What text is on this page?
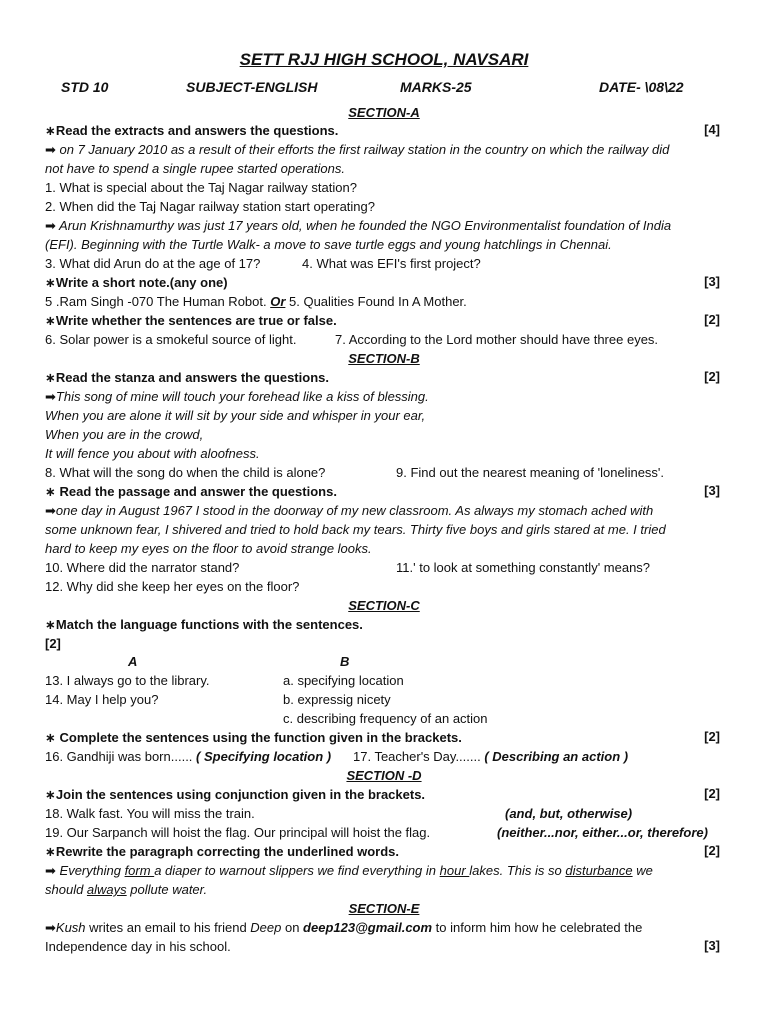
SETT RJJ HIGH SCHOOL, NAVSARI
STD 10	SUBJECT-ENGLISH	MARKS-25	DATE- \08\22
SECTION-A
∗Read the extracts and answers the questions.	[4]
➡ on 7 January 2010 as a result of their efforts the first railway station in the country on which the railway did
not have to spend a single rupee started operations.
1. What is special about the Taj Nagar railway station?
2. When did the Taj Nagar railway station start operating?
➡ Arun Krishnamurthy was just 17 years old, when he founded the NGO Environmentalist foundation of India
(EFI). Beginning with the Turtle Walk- a move to save turtle eggs and young hatchlings in Chennai.
3. What did Arun do at the age of 17?	4. What was EFI's first project?
∗Write a short note.(any one)	[3]
5 .Ram Singh -070 The Human Robot. Or 5. Qualities Found In A Mother.
∗Write whether the sentences are true or false.	[2]
6. Solar power is a smokeful source of light.	7. According to the Lord mother should have three eyes.
SECTION-B
∗Read the stanza and answers the questions.	[2]
➡This song of mine will touch your forehead like a kiss of blessing.
When you are alone it will sit by your side and whisper in your ear,
When you are in the crowd,
It will fence you about with aloofness.
8. What will the song do when the child is alone?	9. Find out the nearest meaning of 'loneliness'.
∗ Read the passage and answer the questions.	[3]
➡one day in August 1967 I stood in the doorway of my new classroom. As always my stomach ached with
some unknown fear, I shivered and tried to hold back my tears. Thirty five boys and girls stared at me. I tried
hard to keep my eyes on the floor to avoid strange looks.
10. Where did the narrator stand?	11.' to look at something constantly' means?
12. Why did she keep her eyes on the floor?
SECTION-C
∗Match the language functions with the sentences.
[2]
A	B
13. I always go to the library.	a. specifying location
14. May I help you?	b. expressig nicety
c. describing frequency of an action
∗ Complete the sentences using the function given in the brackets.	[2]
16. Gandhiji was born...... ( Specifying location )	17. Teacher's Day....... ( Describing an action )
SECTION -D
∗Join the sentences using conjunction given in the brackets.	[2]
18. Walk fast. You will miss the train.	(and, but, otherwise)
19. Our Sarpanch will hoist the flag. Our principal will hoist the flag.	(neither...nor, either...or, therefore)
∗Rewrite the paragraph correcting the underlined words.	[2]
➡ Everything form a diaper to warnout slippers we find everything in hour lakes. This is so disturbance we
should always pollute water.
SECTION-E
➡Kush writes an email to his friend Deep on deep123@gmail.com to inform him how he celebrated the
Independence day in his school.	[3]
